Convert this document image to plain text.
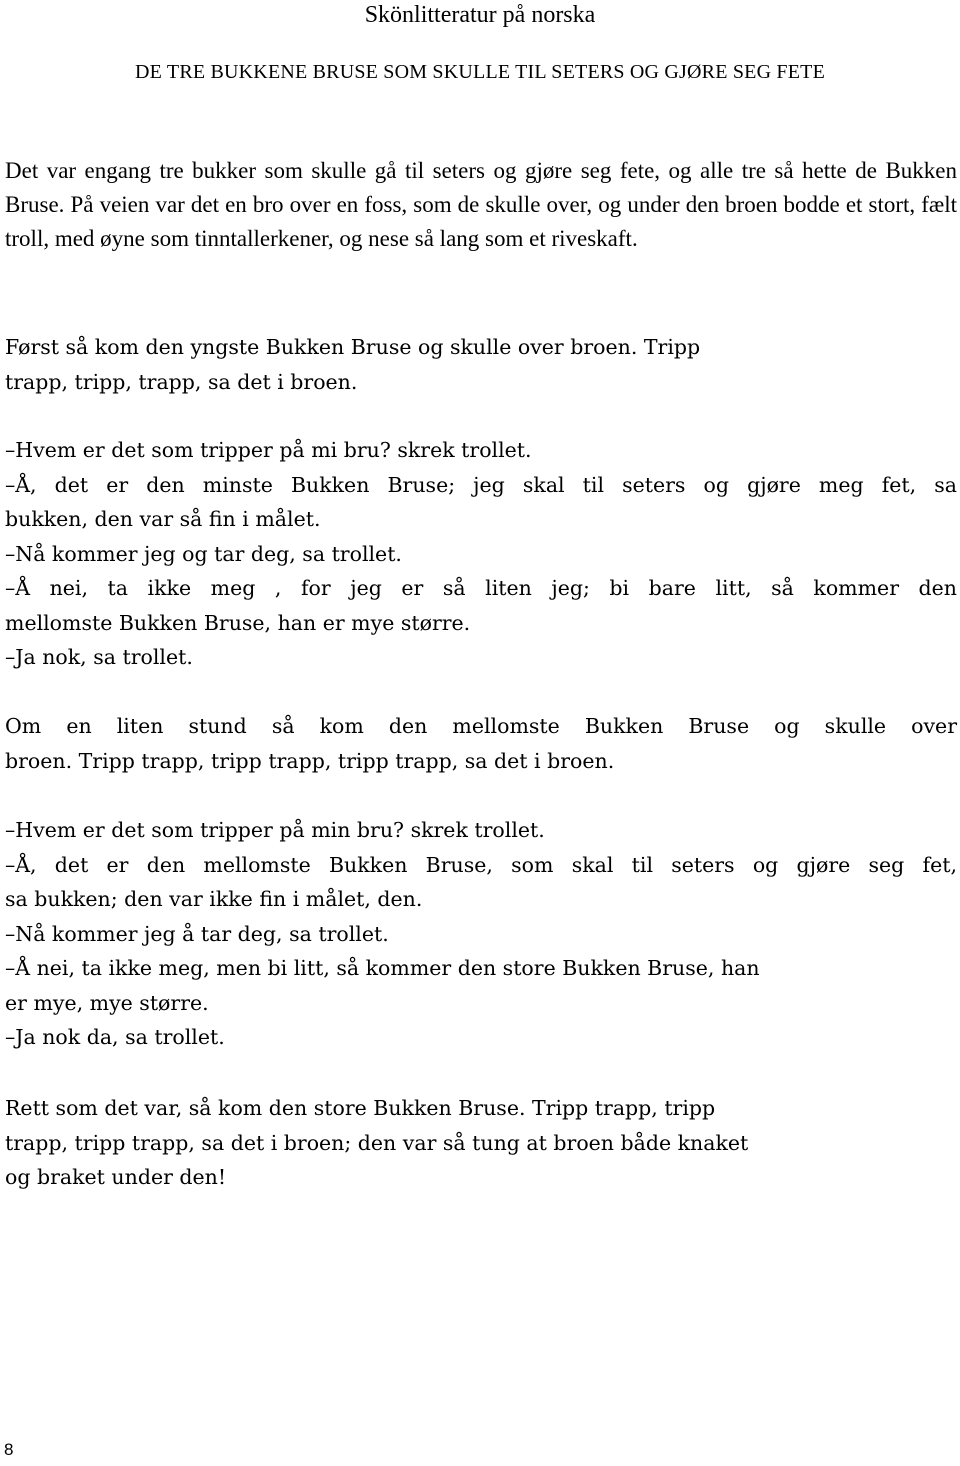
Skönlitteratur på norska
DE TRE BUKKENE BRUSE SOM SKULLE TIL SETERS OG GJØRE SEG FETE

Det var engang tre bukker som skulle gå til seters og gjøre seg fete, og alle tre så hette de Bukken Bruse. På veien var det en bro over en foss, som de skulle over, og under den broen bodde et stort, fælt troll, med øyne som tinntallerkener, og nese så lang som et riveskaft.

Først så kom den yngste Bukken Bruse og skulle over broen. Tripp
trapp, tripp, trapp, sa det i broen.
–Hvem er det som tripper på mi bru? skrek trollet.
–Å, det er den minste Bukken Bruse; jeg skal til seters og gjøre meg fet, sa
bukken, den var så fin i målet.
–Nå kommer jeg og tar deg, sa trollet.
–Å nei, ta ikke meg , for jeg er så liten jeg; bi bare litt, så kommer den
mellomste Bukken Bruse, han er mye større.
–Ja nok, sa trollet.
Om en liten stund så kom den mellomste Bukken Bruse og skulle over
broen. Tripp trapp, tripp trapp, tripp trapp, sa det i broen.
–Hvem er det som tripper på min bru? skrek trollet.
–Å, det er den mellomste Bukken Bruse, som skal til seters og gjøre seg fet,
sa bukken; den var ikke fin i målet, den.
–Nå kommer jeg å tar deg, sa trollet.
–Å nei, ta ikke meg, men bi litt, så kommer den store Bukken Bruse, han
er mye, mye større.
–Ja nok da, sa trollet.
Rett som det var, så kom den store Bukken Bruse. Tripp trapp, tripp
trapp, tripp trapp, sa det i broen; den var så tung at broen både knaket
og braket under den!
8
